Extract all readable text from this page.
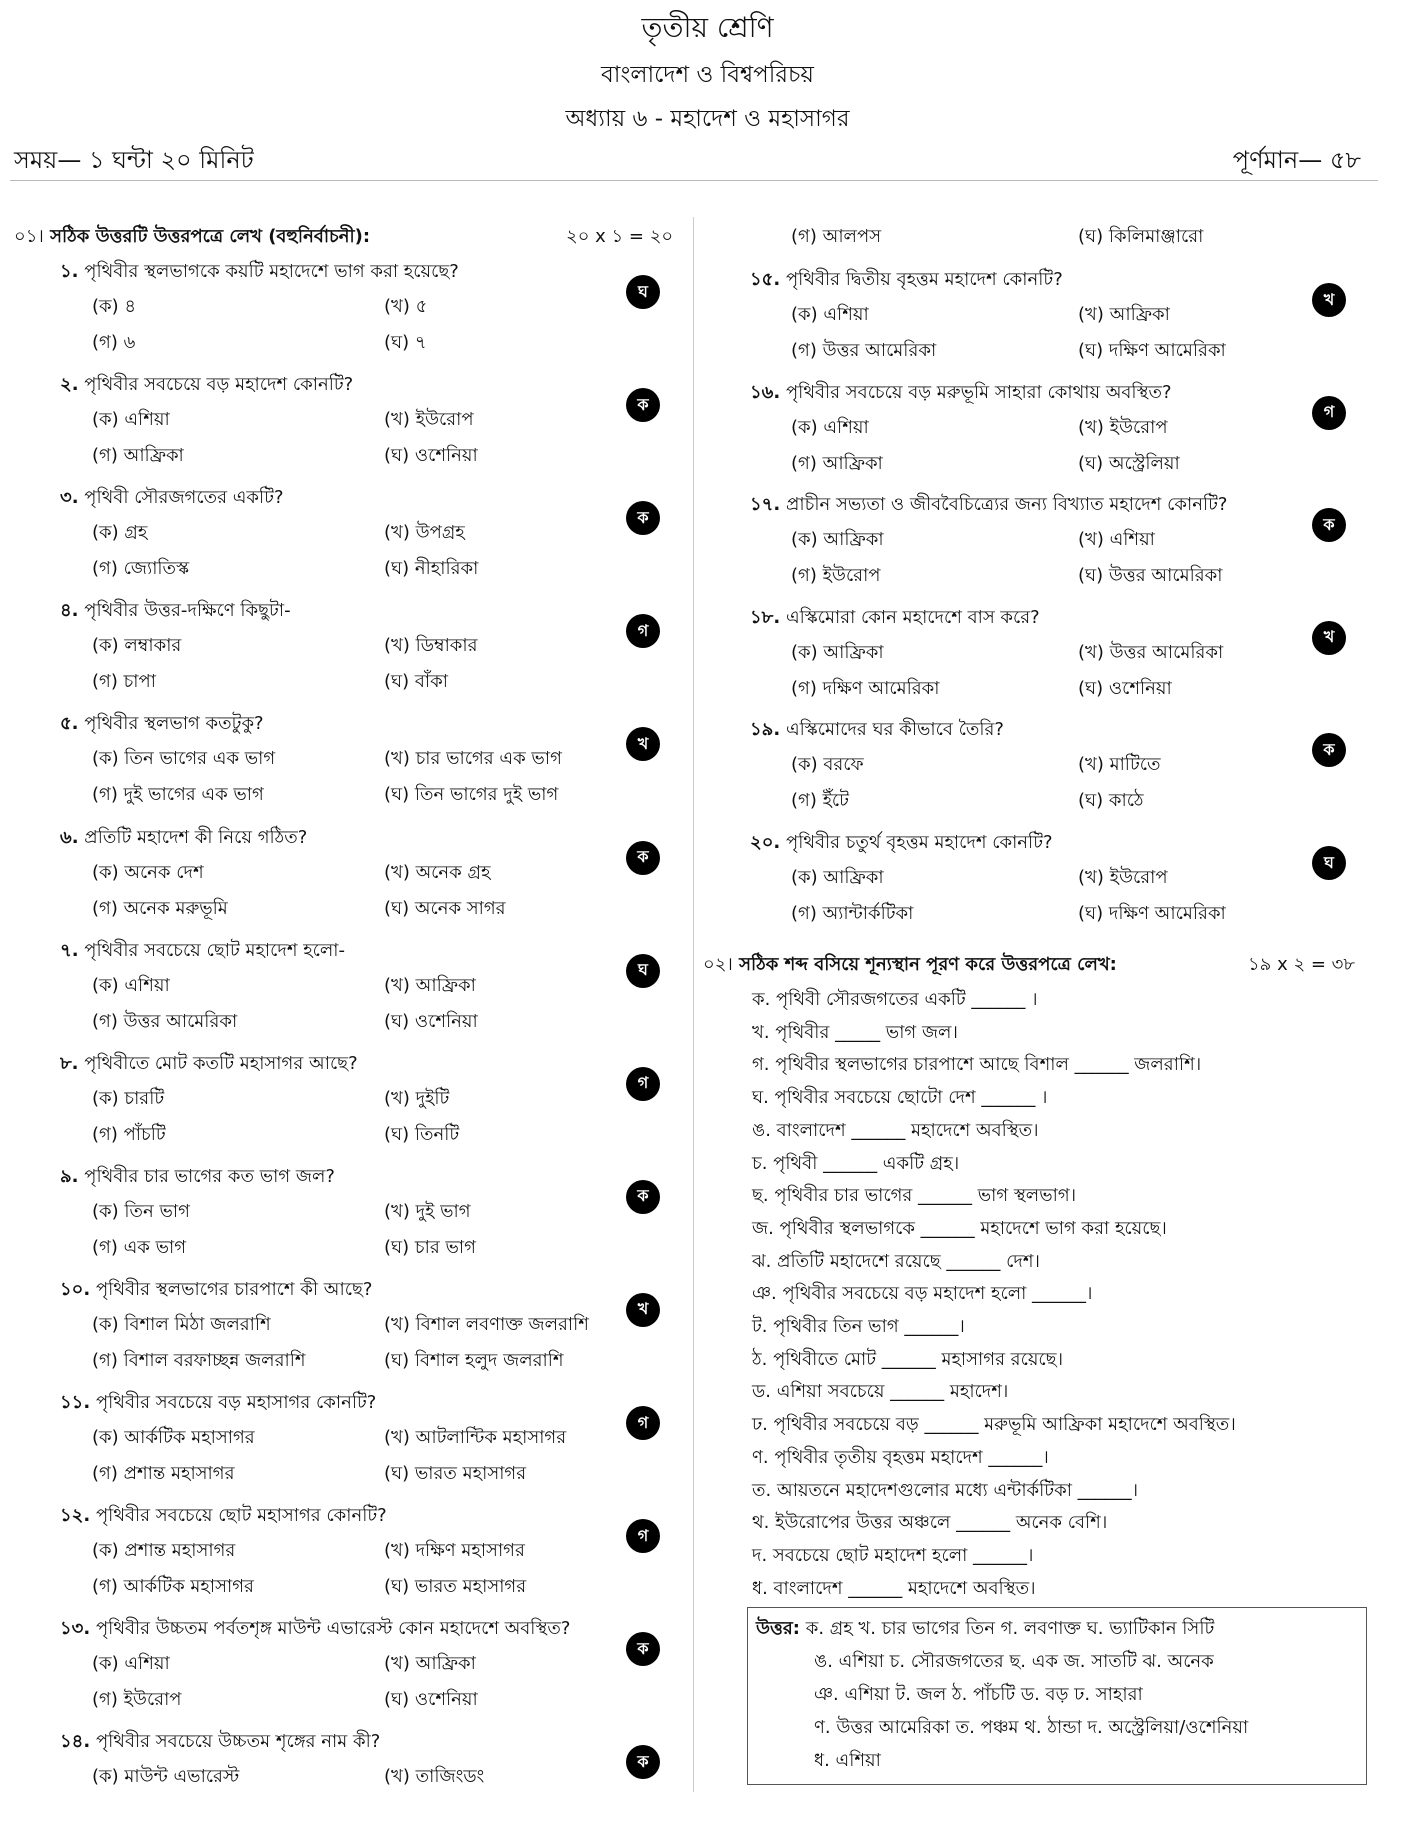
তৃতীয় শ্রেণি
বাংলাদেশ ও বিশ্বপরিচয়
অধ্যায় ৬ - মহাদেশ ও মহাসাগর
সময়— ১ ঘন্টা ২০ মিনিট	পূর্ণমান— ৫৮
০১। সঠিক উত্তরটি উত্তরপত্রে লেখ (বহুনির্বাচনী):	২০ x ১ = ২০
১. পৃথিবীর স্থলভাগকে কয়টি মহাদেশে ভাগ করা হয়েছে?
(ক) ৪	(খ) ৫
(গ) ৬	(ঘ) ৭
ঘ
২. পৃথিবীর সবচেয়ে বড় মহাদেশ কোনটি?
(ক) এশিয়া	(খ) ইউরোপ
(গ) আফ্রিকা	(ঘ) ওশেনিয়া
ক
৩. পৃথিবী সৌরজগতের একটি?
(ক) গ্রহ	(খ) উপগ্রহ
(গ) জ্যোতিস্ক	(ঘ) নীহারিকা
ক
৪. পৃথিবীর উত্তর-দক্ষিণে কিছুটা-
(ক) লম্বাকার	(খ) ডিম্বাকার
(গ) চাপা	(ঘ) বাঁকা
গ
৫. পৃথিবীর স্থলভাগ কতটুকু?
(ক) তিন ভাগের এক ভাগ	(খ) চার ভাগের এক ভাগ
(গ) দুই ভাগের এক ভাগ	(ঘ) তিন ভাগের দুই ভাগ
খ
৬. প্রতিটি মহাদেশ কী নিয়ে গঠিত?
(ক) অনেক দেশ	(খ) অনেক গ্রহ
(গ) অনেক মরুভূমি	(ঘ) অনেক সাগর
ক
৭. পৃথিবীর সবচেয়ে ছোট মহাদেশ হলো-
(ক) এশিয়া	(খ) আফ্রিকা
(গ) উত্তর আমেরিকা	(ঘ) ওশেনিয়া
ঘ
৮. পৃথিবীতে মোট কতটি মহাসাগর আছে?
(ক) চারটি	(খ) দুইটি
(গ) পাঁচটি	(ঘ) তিনটি
গ
৯. পৃথিবীর চার ভাগের কত ভাগ জল?
(ক) তিন ভাগ	(খ) দুই ভাগ
(গ) এক ভাগ	(ঘ) চার ভাগ
ক
১০. পৃথিবীর স্থলভাগের চারপাশে কী আছে?
(ক) বিশাল মিঠা জলরাশি	(খ) বিশাল লবণাক্ত জলরাশি
(গ) বিশাল বরফাচ্ছন্ন জলরাশি	(ঘ) বিশাল হলুদ জলরাশি
খ
১১. পৃথিবীর সবচেয়ে বড় মহাসাগর কোনটি?
(ক) আর্কটিক মহাসাগর	(খ) আটলান্টিক মহাসাগর
(গ) প্রশান্ত মহাসাগর	(ঘ) ভারত মহাসাগর
গ
১২. পৃথিবীর সবচেয়ে ছোট মহাসাগর কোনটি?
(ক) প্রশান্ত মহাসাগর	(খ) দক্ষিণ মহাসাগর
(গ) আর্কটিক মহাসাগর	(ঘ) ভারত মহাসাগর
গ
১৩. পৃথিবীর উচ্চতম পর্বতশৃঙ্গ মাউন্ট এভারেস্ট কোন মহাদেশে অবস্থিত?
(ক) এশিয়া	(খ) আফ্রিকা
(গ) ইউরোপ	(ঘ) ওশেনিয়া
ক
১৪. পৃথিবীর সবচেয়ে উচ্চতম শৃঙ্গের নাম কী?
(ক) মাউন্ট এভারেস্ট	(খ) তাজিংডং
ক
১৫. পৃথিবীর দ্বিতীয় বৃহত্তম মহাদেশ কোনটি?
(ক) এশিয়া	(খ) আফ্রিকা
(গ) উত্তর আমেরিকা	(ঘ) দক্ষিণ আমেরিকা
খ
১৬. পৃথিবীর সবচেয়ে বড় মরুভূমি সাহারা কোথায় অবস্থিত?
(ক) এশিয়া	(খ) ইউরোপ
(গ) আফ্রিকা	(ঘ) অস্ট্রেলিয়া
গ
১৭. প্রাচীন সভ্যতা ও জীববৈচিত্র্যের জন্য বিখ্যাত মহাদেশ কোনটি?
(ক) আফ্রিকা	(খ) এশিয়া
(গ) ইউরোপ	(ঘ) উত্তর আমেরিকা
ক
১৮. এস্কিমোরা কোন মহাদেশে বাস করে?
(ক) আফ্রিকা	(খ) উত্তর আমেরিকা
(গ) দক্ষিণ আমেরিকা	(ঘ) ওশেনিয়া
খ
১৯. এস্কিমোদের ঘর কীভাবে তৈরি?
(ক) বরফে	(খ) মাটিতে
(গ) ইঁটে	(ঘ) কাঠে
ক
২০. পৃথিবীর চতুর্থ বৃহত্তম মহাদেশ কোনটি?
(ক) আফ্রিকা	(খ) ইউরোপ
(গ) অ্যান্টার্কটিকা	(ঘ) দক্ষিণ আমেরিকা
ঘ
(গ) আলপস	(ঘ) কিলিমাঞ্জারো
০২। সঠিক শব্দ বসিয়ে শূন্যস্থান পূরণ করে উত্তরপত্রে লেখ:	১৯ x ২ = ৩৮
ক. পৃথিবী সৌরজগতের একটি ______ ।
খ. পৃথিবীর _____ ভাগ জল।
গ. পৃথিবীর স্থলভাগের চারপাশে আছে বিশাল ______ জলরাশি।
ঘ. পৃথিবীর সবচেয়ে ছোটো দেশ ______ ।
ঙ. বাংলাদেশ ______ মহাদেশে অবস্থিত।
চ. পৃথিবী ______ একটি গ্রহ।
ছ. পৃথিবীর চার ভাগের ______ ভাগ স্থলভাগ।
জ. পৃথিবীর স্থলভাগকে ______ মহাদেশে ভাগ করা হয়েছে।
ঝ. প্রতিটি মহাদেশে রয়েছে ______ দেশ।
ঞ. পৃথিবীর সবচেয়ে বড় মহাদেশ হলো ______।
ট. পৃথিবীর তিন ভাগ ______।
ঠ. পৃথিবীতে মোট ______ মহাসাগর রয়েছে।
ড. এশিয়া সবচেয়ে ______ মহাদেশ।
ঢ. পৃথিবীর সবচেয়ে বড় ______ মরুভূমি আফ্রিকা মহাদেশে অবস্থিত।
ণ. পৃথিবীর তৃতীয় বৃহত্তম মহাদেশ ______।
ত. আয়তনে মহাদেশগুলোর মধ্যে এন্টার্কটিকা ______।
থ. ইউরোপের উত্তর অঞ্চলে ______ অনেক বেশি।
দ. সবচেয়ে ছোট মহাদেশ হলো ______।
ধ. বাংলাদেশ ______ মহাদেশে অবস্থিত।
উত্তর: ক. গ্রহ খ. চার ভাগের তিন গ. লবণাক্ত ঘ. ভ্যাটিকান সিটি
ঙ. এশিয়া চ. সৌরজগতের ছ. এক জ. সাতটি ঝ. অনেক
ঞ. এশিয়া ট. জল ঠ. পাঁচটি ড. বড় ঢ. সাহারা
ণ. উত্তর আমেরিকা ত. পঞ্চম থ. ঠান্ডা দ. অস্ট্রেলিয়া/ওশেনিয়া
ধ. এশিয়া
